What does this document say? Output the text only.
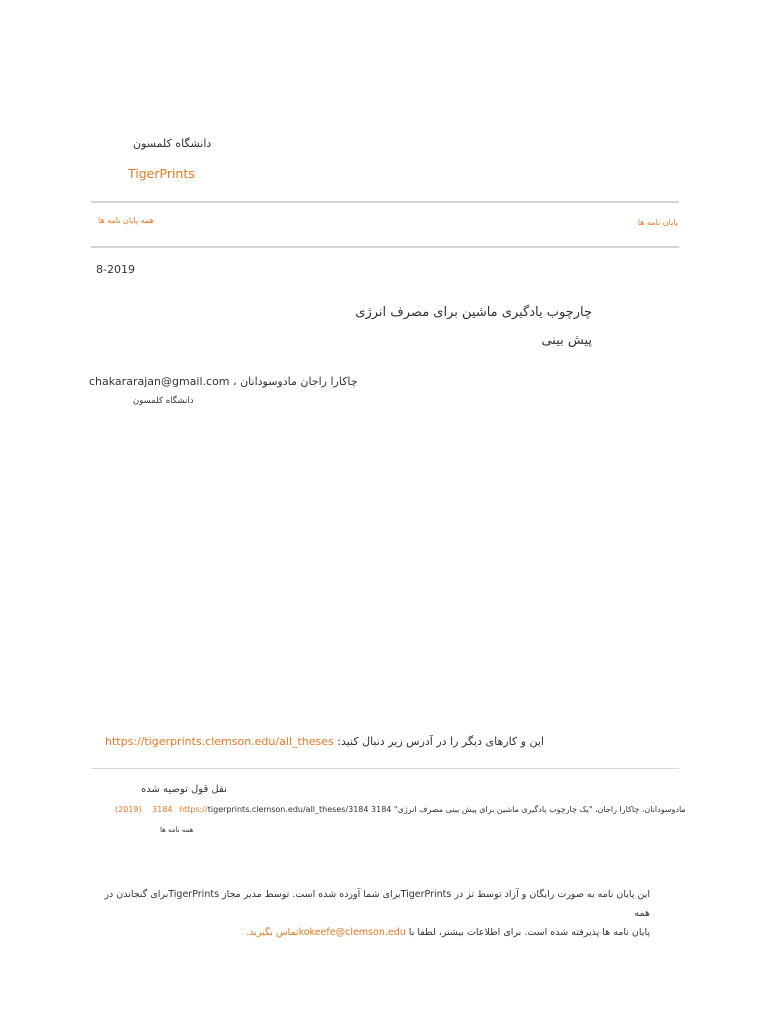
دانشگاه کلمسون
TigerPrints
همه پایان نامه ها	پایان نامه ها
8-2019
چارچوب یادگیری ماشین برای مصرف انرژی
پیش بینی
chakararajan@gmail.com ، چاکارا راجان مادوسودانان
دانشگاه کلمسون
https://tigerprints.clemson.edu/all_theses این و کارهای دیگر را در آدرس زیر دنبال کنید:
نقل قول توصیه شده
(2019) 3184 https://tigerprints.clemson.edu/all_theses/3184 مادوسودانان، چاکارا راجان، "یک چارچوب یادگیری ماشین برای پیش بینی مصرف انرژی" 3184
همه نامه ها
این پایان نامه به صورت رایگان و آزاد توسط تز در TigerPrintsبرای شما آورده شده است. توسط مدیر مجاز TigerPrintsبرای گنجاندن در همه
پایان نامه ها پذیرفته شده است. برای اطلاعات بیشتر، لطفا با kokeefe@clemson.eduتماس بگیرید.
